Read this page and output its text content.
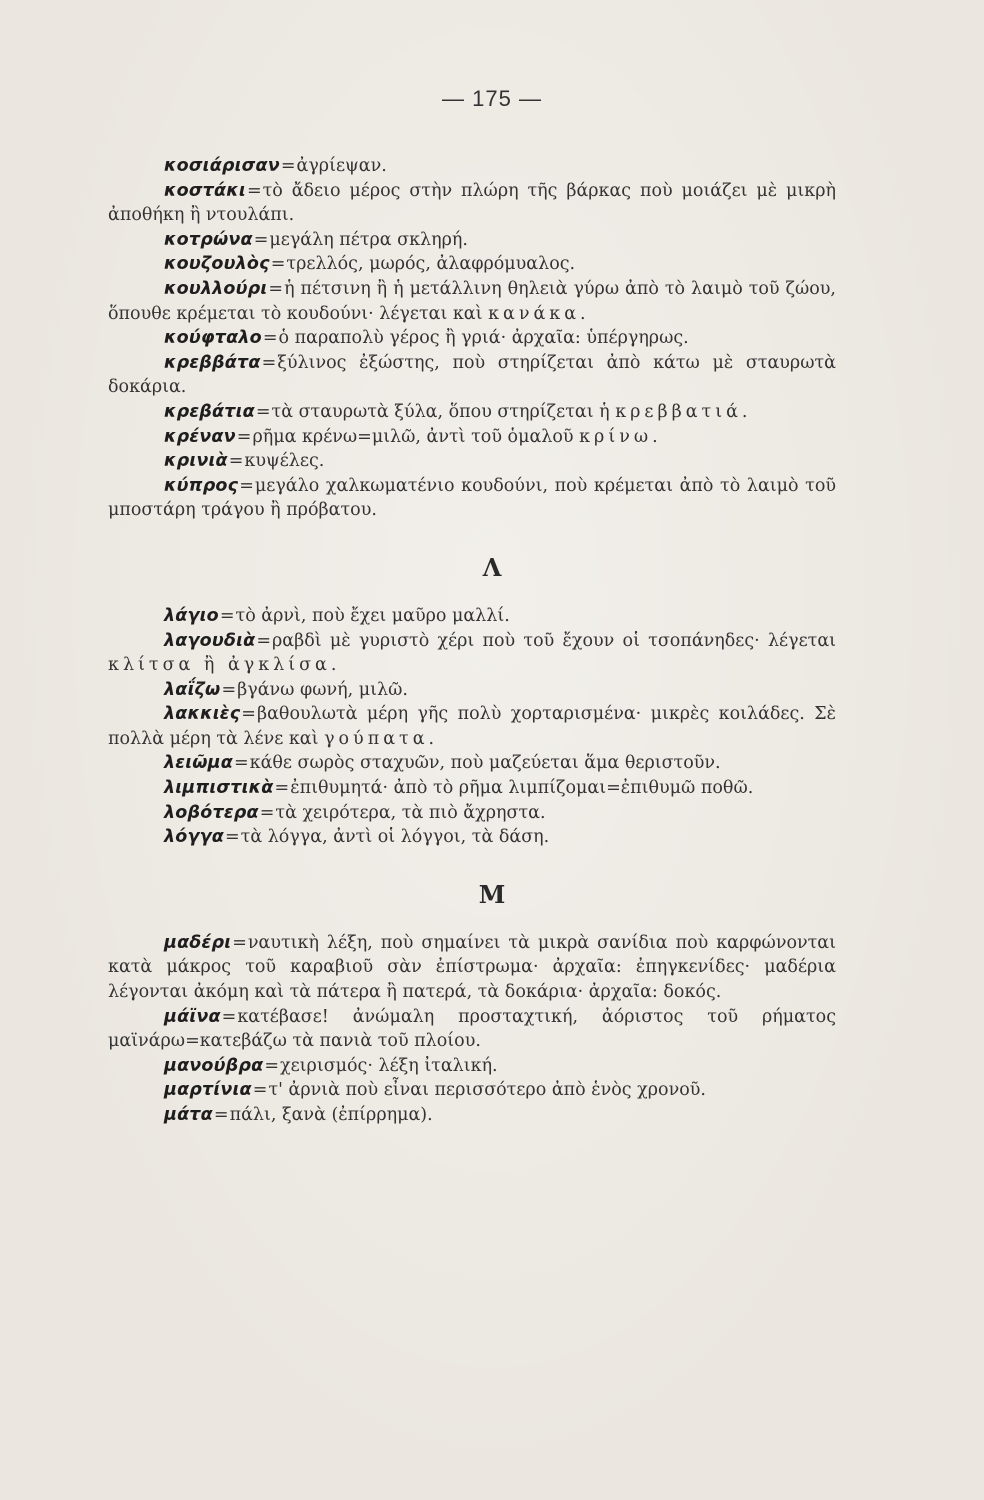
— 175 —

κοσιάρισαν=ἀγρίεψαν.

κοστάκι=τὸ ἄδειο μέρος στὴν πλώρη τῆς βάρκας ποὺ μοιάζει μὲ μικρὴ ἀποθήκη ἢ ντουλάπι.

κοτρώνα=μεγάλη πέτρα σκληρή.

κουζουλὸς=τρελλός, μωρός, ἀλαφρόμυαλος.

κουλλούρι=ἡ πέτσινη ἢ ἡ μετάλλινη θηλειὰ γύρω ἀπὸ τὸ λαιμὸ τοῦ ζώου, ὅπουθε κρέμεται τὸ κουδούνι· λέγεται καὶ κανάκα.

κούφταλο=ὁ παραπολὺ γέρος ἢ γριά· ἀρχαῖα: ὑπέργηρως.

κρεββάτα=ξύλινος ἐξώστης, ποὺ στηρίζεται ἀπὸ κάτω μὲ σταυρωτὰ δοκάρια.

κρεβάτια=τὰ σταυρωτὰ ξύλα, ὅπου στηρίζεται ἡ κρεββατιά.

κρέναν=ρῆμα κρένω=μιλῶ, ἀντὶ τοῦ ὁμαλοῦ κρίνω.

κρινιὰ=κυψέλες.

κύπρος=μεγάλο χαλκωματένιο κουδούνι, ποὺ κρέμεται ἀπὸ τὸ λαιμὸ τοῦ μποστάρη τράγου ἢ πρόβατου.

Λ

λάγιο=τὸ ἀρνὶ, ποὺ ἔχει μαῦρο μαλλί.

λαγουδιὰ=ραβδὶ μὲ γυριστὸ χέρι ποὺ τοῦ ἔχουν οἱ τσοπάνηδες· λέγεται κλίτσα ἢ ἀγκλίσα.

λαΐζω=βγάνω φωνή, μιλῶ.

λακκιὲς=βαθουλωτὰ μέρη γῆς πολὺ χορταρισμένα· μικρὲς κοιλάδες. Σὲ πολλὰ μέρη τὰ λένε καὶ γούπατα.

λειῶμα=κάθε σωρὸς σταχυῶν, ποὺ μαζεύεται ἅμα θεριστοῦν.

λιμπιστικὰ=ἐπιθυμητά· ἀπὸ τὸ ρῆμα λιμπίζομαι=ἐπιθυμῶ ποθῶ.

λοβότερα=τὰ χειρότερα, τὰ πιὸ ἄχρηστα.

λόγγα=τὰ λόγγα, ἀντὶ οἱ λόγγοι, τὰ δάση.

Μ

μαδέρι=ναυτικὴ λέξη, ποὺ σημαίνει τὰ μικρὰ σανίδια ποὺ καρφώνονται κατὰ μάκρος τοῦ καραβιοῦ σὰν ἐπίστρωμα· ἀρχαῖα: ἐπηγκενίδες· μαδέρια λέγονται ἀκόμη καὶ τὰ πάτερα ἢ πατερά, τὰ δοκάρια· ἀρχαῖα: δοκός.

μάϊνα=κατέβασε! ἀνώμαλη προσταχτική, ἀόριστος τοῦ ρήματος μαϊνάρω=κατεβάζω τὰ πανιὰ τοῦ πλοίου.

μανούβρα=χειρισμός· λέξη ἰταλική.

μαρτίνια=τ' ἀρνιὰ ποὺ εἶναι περισσότερο ἀπὸ ἑνὸς χρονοῦ.

μάτα=πάλι, ξανὰ (ἐπίρρημα).
